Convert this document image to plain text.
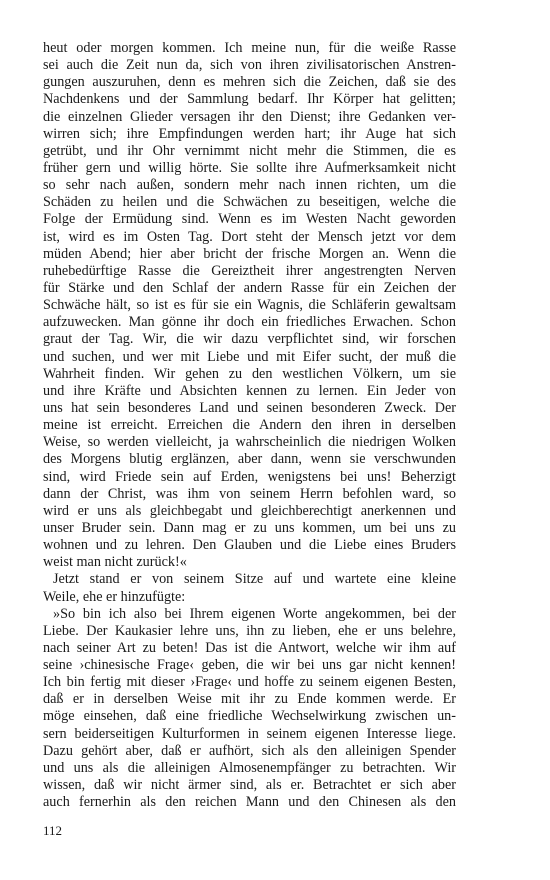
heut oder morgen kommen. Ich meine nun, für die weiße Rasse
sei auch die Zeit nun da, sich von ihren zivilisatorischen Anstren-
gungen auszuruhen, denn es mehren sich die Zeichen, daß sie des
Nachdenkens und der Sammlung bedarf. Ihr Körper hat gelitten;
die einzelnen Glieder versagen ihr den Dienst; ihre Gedanken ver-
wirren sich; ihre Empfindungen werden hart; ihr Auge hat sich
getrübt, und ihr Ohr vernimmt nicht mehr die Stimmen, die es
früher gern und willig hörte. Sie sollte ihre Aufmerksamkeit nicht
so sehr nach außen, sondern mehr nach innen richten, um die
Schäden zu heilen und die Schwächen zu beseitigen, welche die
Folge der Ermüdung sind. Wenn es im Westen Nacht geworden
ist, wird es im Osten Tag. Dort steht der Mensch jetzt vor dem
müden Abend; hier aber bricht der frische Morgen an. Wenn die
ruhebedürftige Rasse die Gereiztheit ihrer angestrengten Nerven
für Stärke und den Schlaf der andern Rasse für ein Zeichen der
Schwäche hält, so ist es für sie ein Wagnis, die Schläferin gewaltsam
aufzuwecken. Man gönne ihr doch ein friedliches Erwachen. Schon
graut der Tag. Wir, die wir dazu verpflichtet sind, wir forschen
und suchen, und wer mit Liebe und mit Eifer sucht, der muß die
Wahrheit finden. Wir gehen zu den westlichen Völkern, um sie
und ihre Kräfte und Absichten kennen zu lernen. Ein Jeder von
uns hat sein besonderes Land und seinen besonderen Zweck. Der
meine ist erreicht. Erreichen die Andern den ihren in derselben
Weise, so werden vielleicht, ja wahrscheinlich die niedrigen Wolken
des Morgens blutig erglänzen, aber dann, wenn sie verschwunden
sind, wird Friede sein auf Erden, wenigstens bei uns! Beherzigt
dann der Christ, was ihm von seinem Herrn befohlen ward, so
wird er uns als gleichbegabt und gleichberechtigt anerkennen und
unser Bruder sein. Dann mag er zu uns kommen, um bei uns zu
wohnen und zu lehren. Den Glauben und die Liebe eines Bruders
weist man nicht zurück!«
Jetzt stand er von seinem Sitze auf und wartete eine kleine
Weile, ehe er hinzufügte:
»So bin ich also bei Ihrem eigenen Worte angekommen, bei der
Liebe. Der Kaukasier lehre uns, ihn zu lieben, ehe er uns belehre,
nach seiner Art zu beten! Das ist die Antwort, welche wir ihm auf
seine ›chinesische Frage‹ geben, die wir bei uns gar nicht kennen!
Ich bin fertig mit dieser ›Frage‹ und hoffe zu seinem eigenen Besten,
daß er in derselben Weise mit ihr zu Ende kommen werde. Er
möge einsehen, daß eine friedliche Wechselwirkung zwischen un-
sern beiderseitigen Kulturformen in seinem eigenen Interesse liege.
Dazu gehört aber, daß er aufhört, sich als den alleinigen Spender
und uns als die alleinigen Almosenempfänger zu betrachten. Wir
wissen, daß wir nicht ärmer sind, als er. Betrachtet er sich aber
auch fernerhin als den reichen Mann und den Chinesen als den
112
